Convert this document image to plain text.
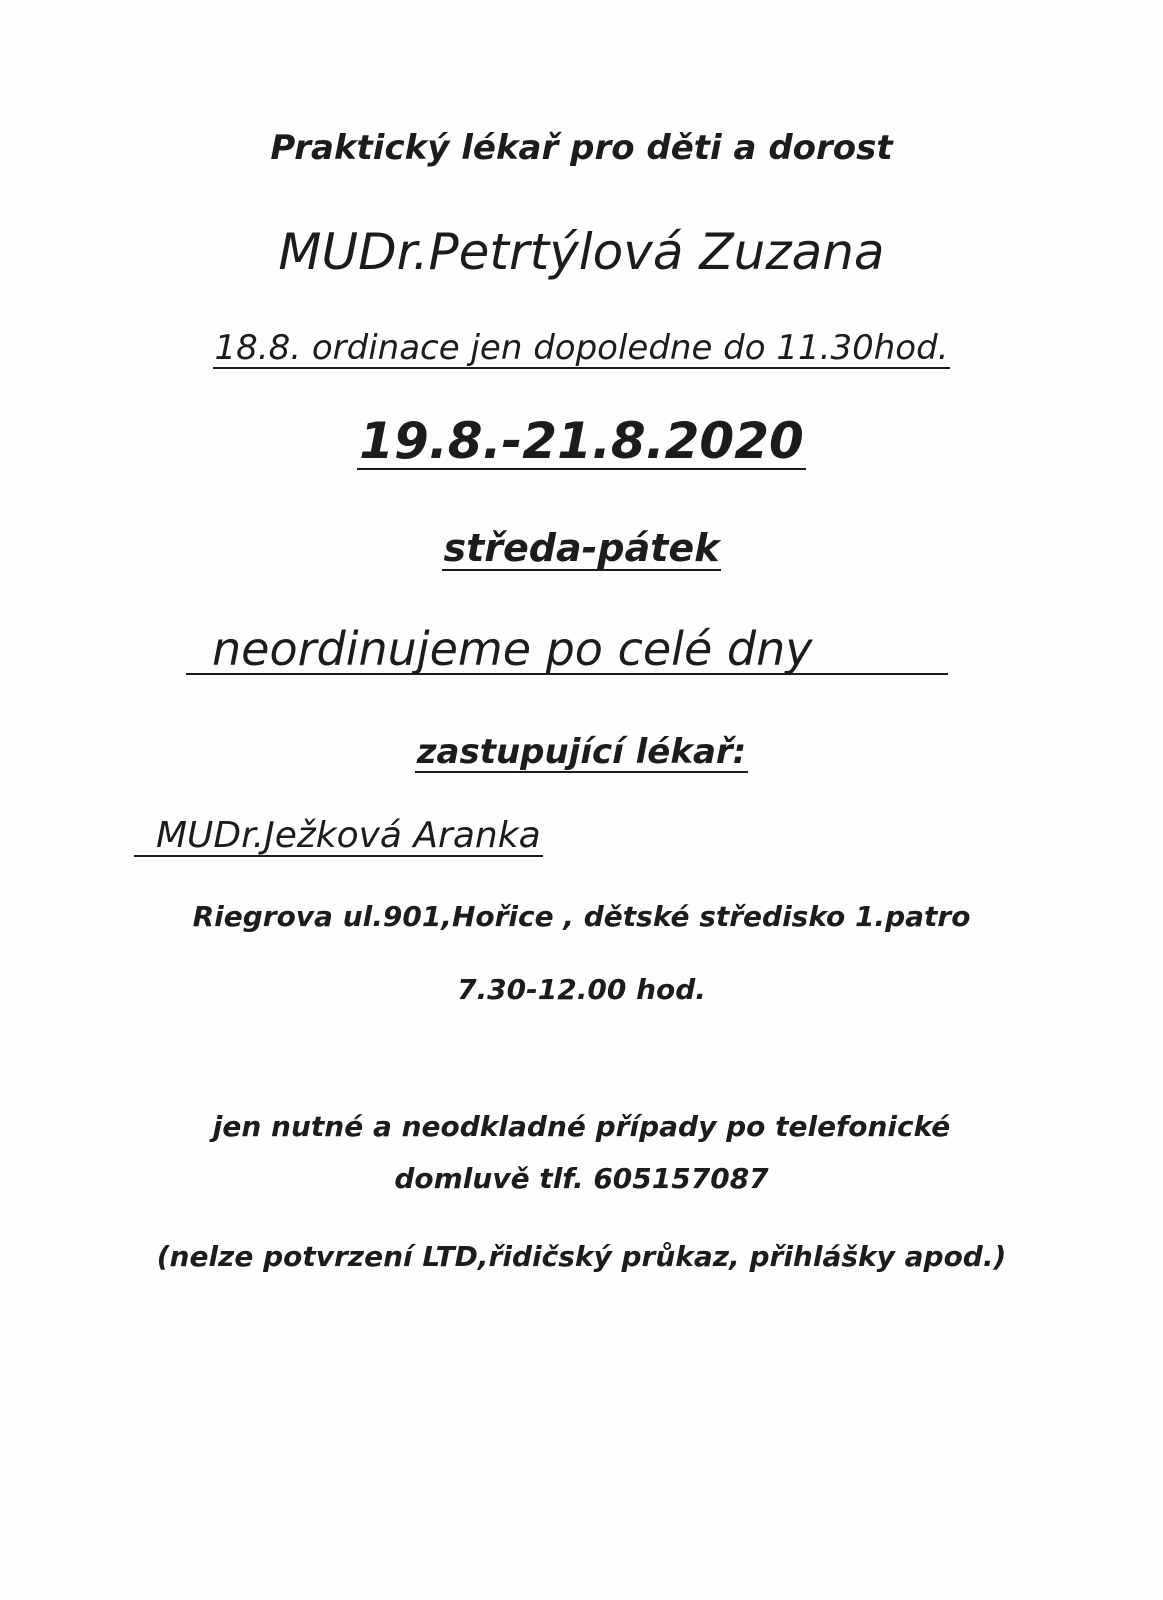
Praktický lékař pro děti a dorost

MUDr.Petrtýlová Zuzana

18.8. ordinace jen dopoledne do 11.30hod.

19.8.-21.8.2020

středa-pátek

neordinujeme po celé dny

zastupující lékař:

MUDr.Ježková Aranka

Riegrova ul.901,Hořice , dětské středisko 1.patro

7.30-12.00 hod.

jen nutné a neodkladné případy po telefonické

domluvě tlf. 605157087

(nelze potvrzení LTD,řidičský průkaz, přihlášky apod.)
